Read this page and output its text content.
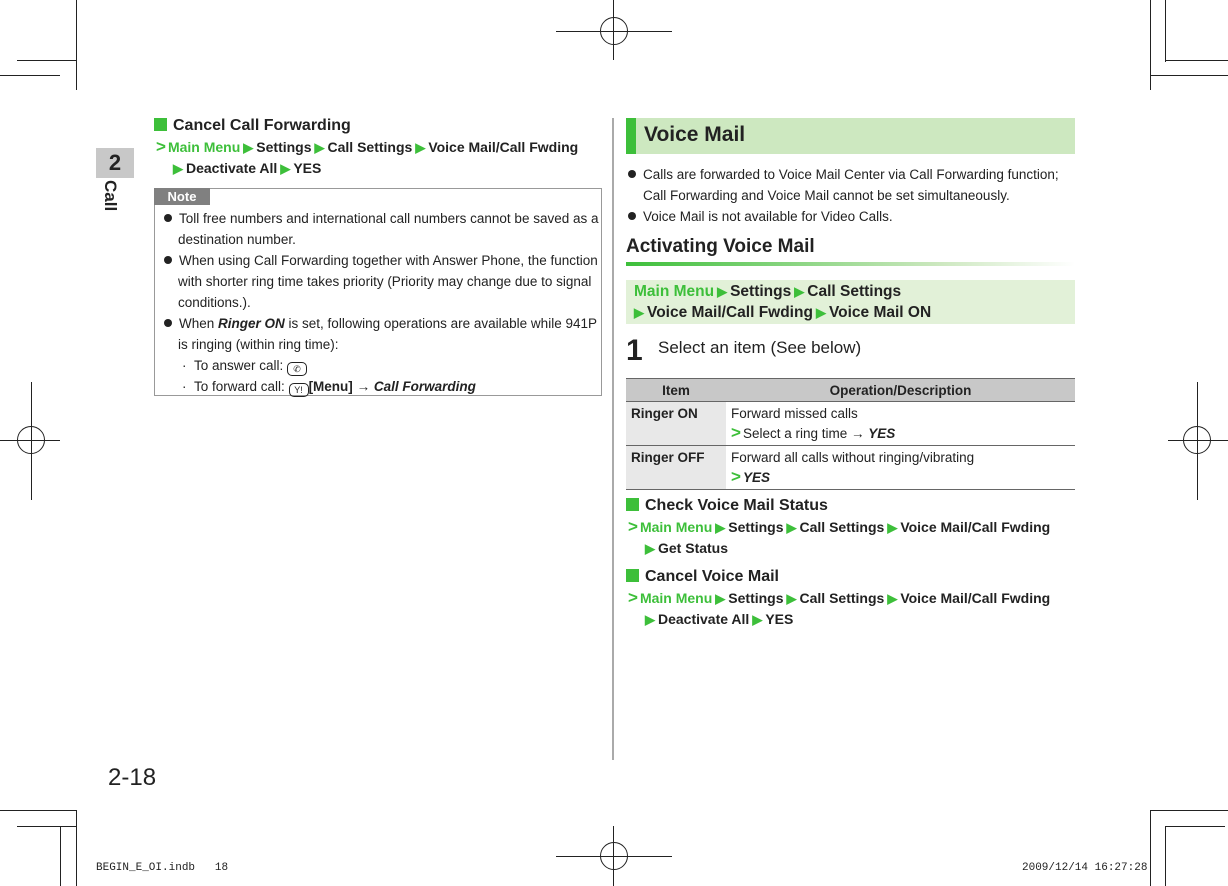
2
Call
2-18
Cancel Call Forwarding
> Main Menu ▶ Settings ▶ Call Settings ▶ Voice Mail/Call Fwding
▶ Deactivate All ▶ YES
Note
Toll free numbers and international call numbers cannot be saved as a
destination number.
When using Call Forwarding together with Answer Phone, the function
with shorter ring time takes priority (Priority may change due to signal
conditions.).
When Ringer ON is set, following operations are available while 941P
is ringing (within ring time):
·  To answer call: ✆
·  To forward call: Y! [Menu] → Call Forwarding
Voice Mail
Calls are forwarded to Voice Mail Center via Call Forwarding function;
Call Forwarding and Voice Mail cannot be set simultaneously.
Voice Mail is not available for Video Calls.
Activating Voice Mail
Main Menu ▶ Settings ▶ Call Settings
▶ Voice Mail/Call Fwding ▶ Voice Mail ON
1 Select an item (See below)
Item	Operation/Description
Ringer ON	Forward missed calls
> Select a ring time → YES

Ringer OFF	Forward all calls without ringing/vibrating
> YES
Check Voice Mail Status
> Main Menu ▶ Settings ▶ Call Settings ▶ Voice Mail/Call Fwding
▶ Get Status
Cancel Voice Mail
> Main Menu ▶ Settings ▶ Call Settings ▶ Voice Mail/Call Fwding
▶ Deactivate All ▶ YES
BEGIN_E_OI.indb 18	2009/12/14 16:27:28
